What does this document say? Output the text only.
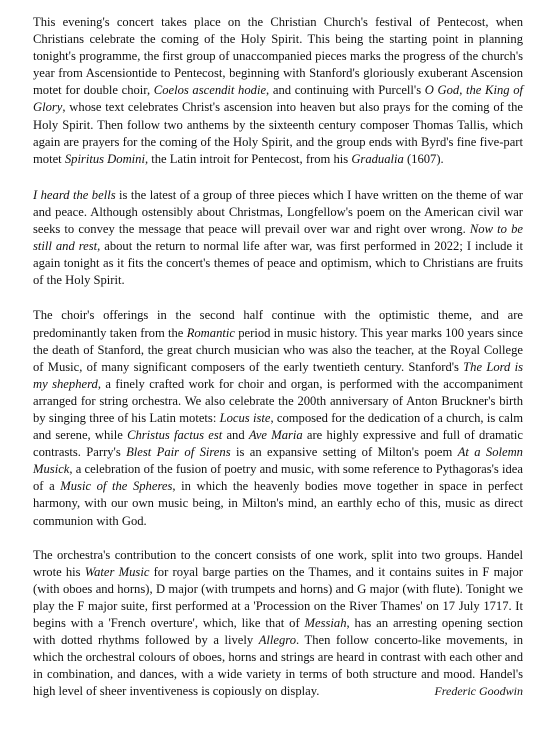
This evening's concert takes place on the Christian Church's festival of Pentecost, when Christians celebrate the coming of the Holy Spirit. This being the starting point in planning tonight's programme, the first group of unaccompanied pieces marks the progress of the church's year from Ascensiontide to Pentecost, beginning with Stanford's gloriously exuberant Ascension motet for double choir, Coelos ascendit hodie, and continuing with Purcell's O God, the King of Glory, whose text celebrates Christ's ascension into heaven but also prays for the coming of the Holy Spirit. Then follow two anthems by the sixteenth century composer Thomas Tallis, which again are prayers for the coming of the Holy Spirit, and the group ends with Byrd's fine five-part motet Spiritus Domini, the Latin introit for Pentecost, from his Gradualia (1607).

I heard the bells is the latest of a group of three pieces which I have written on the theme of war and peace. Although ostensibly about Christmas, Longfellow's poem on the American civil war seeks to convey the message that peace will prevail over war and right over wrong. Now to be still and rest, about the return to normal life after war, was first performed in 2022; I include it again tonight as it fits the concert's themes of peace and optimism, which to Christians are fruits of the Holy Spirit.

The choir's offerings in the second half continue with the optimistic theme, and are predominantly taken from the Romantic period in music history. This year marks 100 years since the death of Stanford, the great church musician who was also the teacher, at the Royal College of Music, of many significant composers of the early twentieth century. Stanford's The Lord is my shepherd, a finely crafted work for choir and organ, is performed with the accompaniment arranged for string orchestra. We also celebrate the 200th anniversary of Anton Bruckner's birth by singing three of his Latin motets: Locus iste, composed for the dedication of a church, is calm and serene, while Christus factus est and Ave Maria are highly expressive and full of dramatic contrasts. Parry's Blest Pair of Sirens is an expansive setting of Milton's poem At a Solemn Musick, a celebration of the fusion of poetry and music, with some reference to Pythagoras's idea of a Music of the Spheres, in which the heavenly bodies move together in space in perfect harmony, with our own music being, in Milton's mind, an earthly echo of this, music as direct communion with God.

The orchestra's contribution to the concert consists of one work, split into two groups. Handel wrote his Water Music for royal barge parties on the Thames, and it contains suites in F major (with oboes and horns), D major (with trumpets and horns) and G major (with flute). Tonight we play the F major suite, first performed at a 'Procession on the River Thames' on 17 July 1717. It begins with a 'French overture', which, like that of Messiah, has an arresting opening section with dotted rhythms followed by a lively Allegro. Then follow concerto-like movements, in which the orchestral colours of oboes, horns and strings are heard in contrast with each other and in combination, and dances, with a wide variety in terms of both structure and mood. Handel's high level of sheer inventiveness is copiously on display.	Frederic Goodwin
